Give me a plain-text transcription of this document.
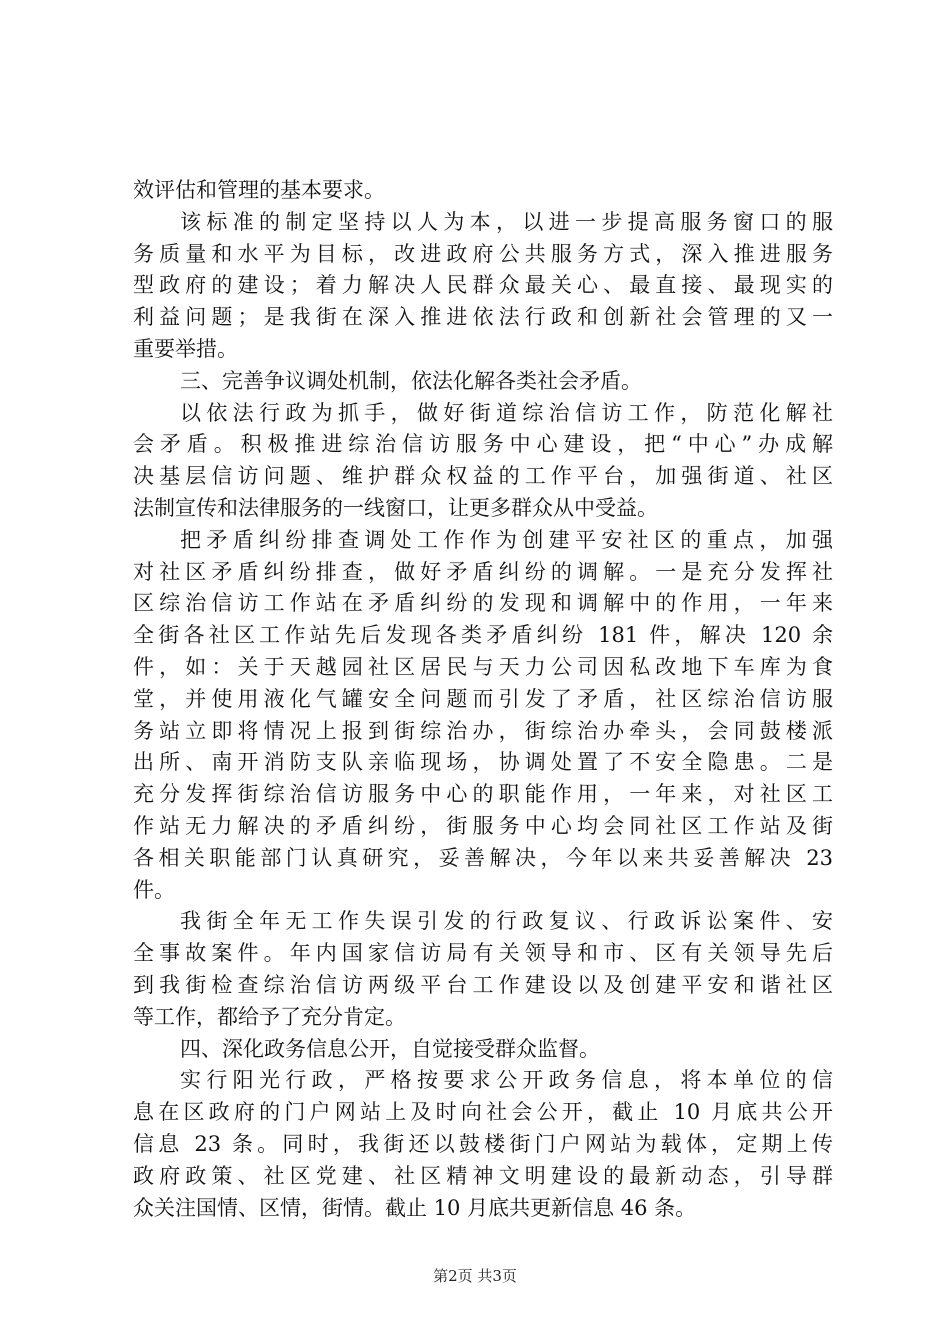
效评估和管理的基本要求。
该标准的制定坚持以人为本，以进一步提高服务窗口的服
务质量和水平为目标，改进政府公共服务方式，深入推进服务
型政府的建设；着力解决人民群众最关心、最直接、最现实的
利益问题；是我街在深入推进依法行政和创新社会管理的又一
重要举措。
三、完善争议调处机制，依法化解各类社会矛盾。
以依法行政为抓手，做好街道综治信访工作，防范化解社
会矛盾。积极推进综治信访服务中心建设，把“中心”办成解
决基层信访问题、维护群众权益的工作平台，加强街道、社区
法制宣传和法律服务的一线窗口，让更多群众从中受益。
把矛盾纠纷排查调处工作作为创建平安社区的重点，加强
对社区矛盾纠纷排查，做好矛盾纠纷的调解。一是充分发挥社
区综治信访工作站在矛盾纠纷的发现和调解中的作用，一年来
全街各社区工作站先后发现各类矛盾纠纷 181 件，解决 120 余
件，如：关于天越园社区居民与天力公司因私改地下车库为食
堂，并使用液化气罐安全问题而引发了矛盾，社区综治信访服
务站立即将情况上报到街综治办，街综治办牵头，会同鼓楼派
出所、南开消防支队亲临现场，协调处置了不安全隐患。二是
充分发挥街综治信访服务中心的职能作用，一年来，对社区工
作站无力解决的矛盾纠纷，街服务中心均会同社区工作站及街
各相关职能部门认真研究，妥善解决，今年以来共妥善解决 23
件。
我街全年无工作失误引发的行政复议、行政诉讼案件、安
全事故案件。年内国家信访局有关领导和市、区有关领导先后
到我街检查综治信访两级平台工作建设以及创建平安和谐社区
等工作，都给予了充分肯定。
四、深化政务信息公开，自觉接受群众监督。
实行阳光行政，严格按要求公开政务信息，将本单位的信
息在区政府的门户网站上及时向社会公开，截止 10 月底共公开
信息 23 条。同时，我街还以鼓楼街门户网站为载体，定期上传
政府政策、社区党建、社区精神文明建设的最新动态，引导群
众关注国情、区情，街情。截止 10 月底共更新信息 46 条。
第2页 共3页
